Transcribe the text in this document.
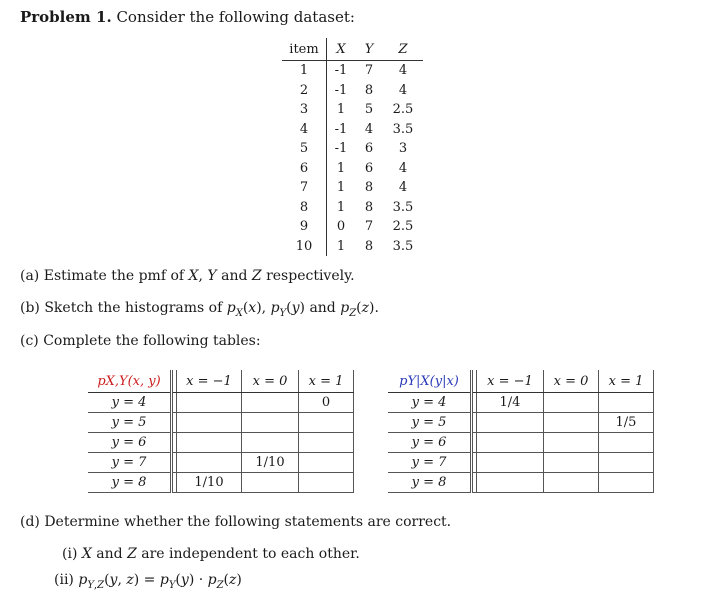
Problem 1. Consider the following dataset:
item	X	Y	Z
1	-1	7	4
2	-1	8	4
3	1	5	2.5
4	-1	4	3.5
5	-1	6	3
6	1	6	4
7	1	8	4
8	1	8	3.5
9	0	7	2.5
10	1	8	3.5
(a) Estimate the pmf of X, Y and Z respectively.
(b) Sketch the histograms of $p_X(x)$, $p_Y(y)$ and $p_Z(z)$.
(c) Complete the following tables:
pX,Y(x, y)		x = −1	x = 0	x = 1
y = 4				0
y = 5				
y = 6				
y = 7			1/10	
y = 8		1/10		
pY|X(y|x)		x = −1	x = 0	x = 1
y = 4		1/4		
y = 5				1/5
y = 6				
y = 7				
y = 8				
(d) Determine whether the following statements are correct.
(i) X and Z are independent to each other.
(ii) $p_{Y,Z}(y$, $z) = p_Y(y) \cdot p_Z(z)$
